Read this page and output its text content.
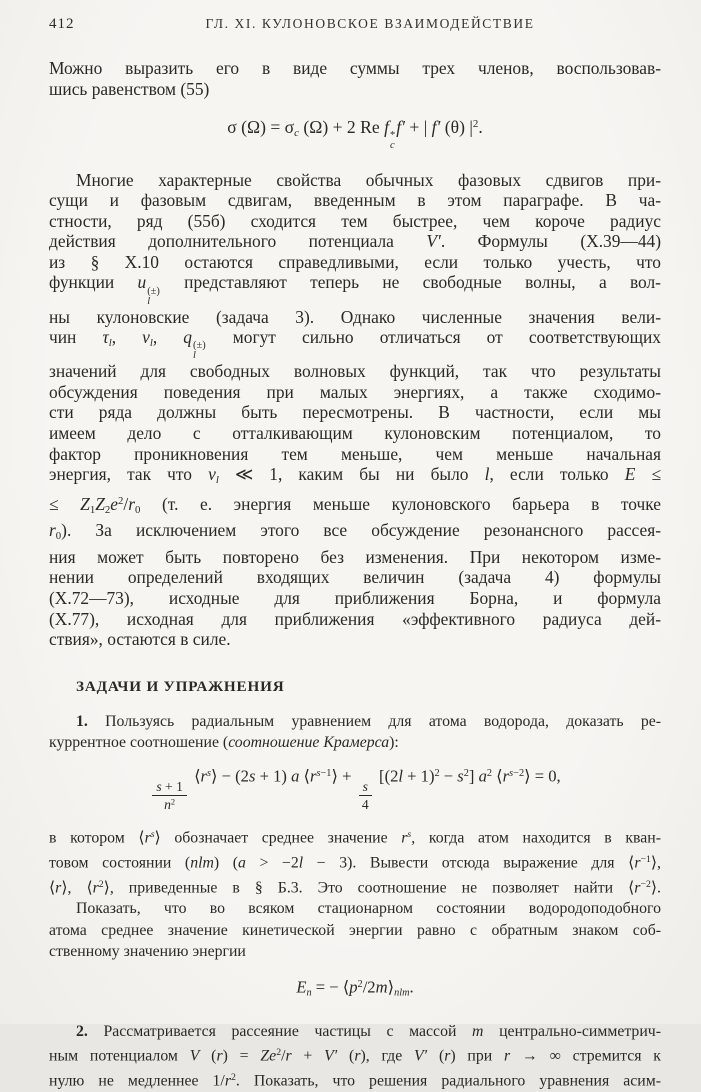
412	ГЛ. XI. КУЛОНОВСКОЕ ВЗАИМОДЕЙСТВИЕ
Можно выразить его в виде суммы трех членов, воспользовав-
шись равенством (55)
σ $(\Omega) = \sigma_c$ (Ω) + 2 Re f *
c
f′ + | f′ (θ) $|^2$.
Многие характерные свойства обычных фазовых сдвигов при-
сущи и фазовым сдвигам, введенным в этом параграфе. В ча-
стности, ряд (55б) сходится тем быстрее, чем короче радиус
действия дополнительного потенциала V′. Формулы (X.39—44)
из § X.10 остаются справедливыми, если только учесть, что
функции u (±)
l
представляют теперь не свободные волны, а вол-
ны кулоновские (задача 3). Однако численные значения вели-
чин $\tau_l$, $v_l$, q (±)
l
могут сильно отличаться от соответствующих
значений для свободных волновых функций, так что результаты
обсуждения поведения при малых энергиях, а также сходимо-
сти ряда должны быть пересмотрены. В частности, если мы
имеем дело с отталкивающим кулоновским потенциалом, то
фактор проникновения тем меньше, чем меньше начальная
энергия, так что $v_l$ ≪ 1, каким бы ни было l, если только E ≤
≤ $Z_1Z_2e^2/r_0$ (т. е. энергия меньше кулоновского барьера в точке
$r_0$). За исключением этого все обсуждение резонансного рассея-
ния может быть повторено без изменения. При некотором изме-
нении определений входящих величин (задача 4) формулы
(X.72—73), исходные для приближения Борна, и формула
(X.77), исходная для приближения «эффективного радиуса дей-
ствия», остаются в силе.
ЗАДАЧИ И УПРАЖНЕНИЯ
1. Пользуясь радиальным уравнением для атома водорода, доказать ре-
куррентное соотношение (соотношение Крамерса):
$\frac{s + 1}{n^2}$
$⟨r^s⟩ - (2s + 1)$ a $⟨r^{s-1}⟩$ +
$\frac{s}{4}$
$[(2l + 1)^2 - s^2]$ $a^2$ $⟨r^{s-2}⟩ = 0$,
в котором $⟨r^s⟩$ обозначает среднее значение $r^s$, когда атом находится в кван-
товом состоянии (nlm) (a > −2l − 3). Вывести отсюда выражение для $⟨r^{-1}⟩$,
⟨r⟩, $⟨r^2⟩$, приведенные в § Б.3. Это соотношение не позволяет найти $⟨r^{-2}⟩$.
Показать, что во всяком стационарном состоянии водородоподобного
атома среднее значение кинетической энергии равно с обратным знаком соб-
ственному значению энергии
$E_n$ = − $⟨p^2/2m⟩_{nlm}$.
2. Рассматривается рассеяние частицы с массой m центрально-симметрич-
ным потенциалом V $(r) = Ze^2/r + V'$ (r), где V′ (r) при r → ∞ стремится к
нулю не медленнее $1/r^2$. Показать, что решения радиального уравнения асим-
